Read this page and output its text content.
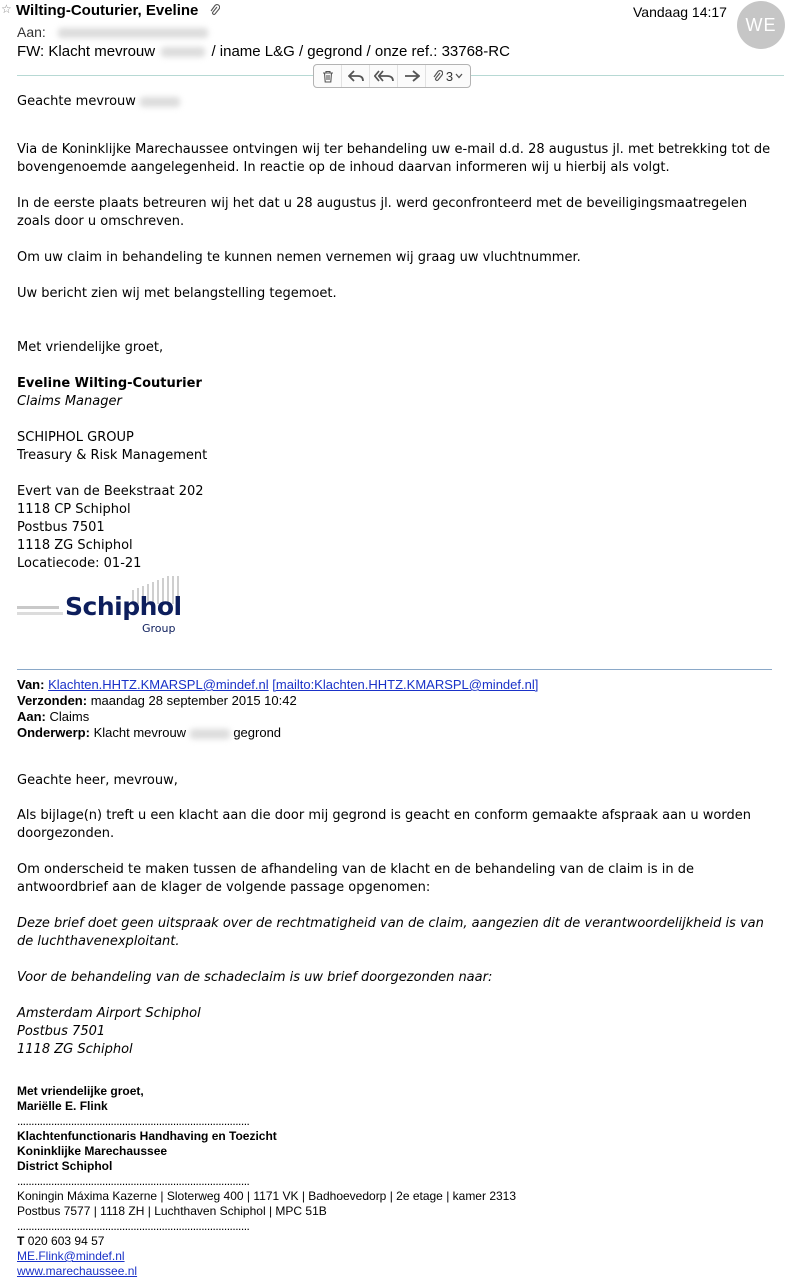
☆ Wilting-Couturier, Eveline	Vandaag 14:17
WE
Aan:
FW: Klacht mevrouw	/ iname L&G / gegrond / onze ref.: 33768-RC
3
Geachte mevrouw

Via de Koninklijke Marechaussee ontvingen wij ter behandeling uw e-mail d.d. 28 augustus jl. met betrekking tot de bovengenoemde aangelegenheid. In reactie op de inhoud daarvan informeren wij u hierbij als volgt.

In de eerste plaats betreuren wij het dat u 28 augustus jl. werd geconfronteerd met de beveiligingsmaatregelen zoals door u omschreven.

Om uw claim in behandeling te kunnen nemen vernemen wij graag uw vluchtnummer.

Uw bericht zien wij met belangstelling tegemoet.

Met vriendelijke groet,

Eveline Wilting-Couturier

Claims Manager

SCHIPHOL GROUP

Treasury & Risk Management

Evert van de Beekstraat 202

1118 CP Schiphol

Postbus 7501

1118 ZG Schiphol

Locatiecode: 01-21

Schiphol
Group
Van: Klachten.HHTZ.KMARSPL@mindef.nl [mailto:Klachten.HHTZ.KMARSPL@mindef.nl]
Verzonden: maandag 28 september 2015 10:42
Aan: Claims
Onderwerp: Klacht mevrouw	gegrond

Geachte heer, mevrouw,

Als bijlage(n) treft u een klacht aan die door mij gegrond is geacht en conform gemaakte afspraak aan u worden doorgezonden.

Om onderscheid te maken tussen de afhandeling van de klacht en de behandeling van de claim is in de antwoordbrief aan de klager de volgende passage opgenomen:

Deze brief doet geen uitspraak over de rechtmatigheid van de claim, aangezien dit de verantwoordelijkheid is van de luchthavenexploitant.

Voor de behandeling van de schadeclaim is uw brief doorgezonden naar:

Amsterdam Airport Schiphol

Postbus 7501

1118 ZG Schiphol

Met vriendelijke groet,
Mariëlle E. Flink
..................................................................................
Klachtenfunctionaris Handhaving en Toezicht
Koninklijke Marechaussee
District Schiphol
..................................................................................
Koningin Máxima Kazerne | Sloterweg 400 | 1171 VK | Badhoevedorp | 2e etage | kamer 2313
Postbus 7577 | 1118 ZH | Luchthaven Schiphol | MPC 51B
..................................................................................
T 020 603 94 57
ME.Flink@mindef.nl
www.marechaussee.nl
